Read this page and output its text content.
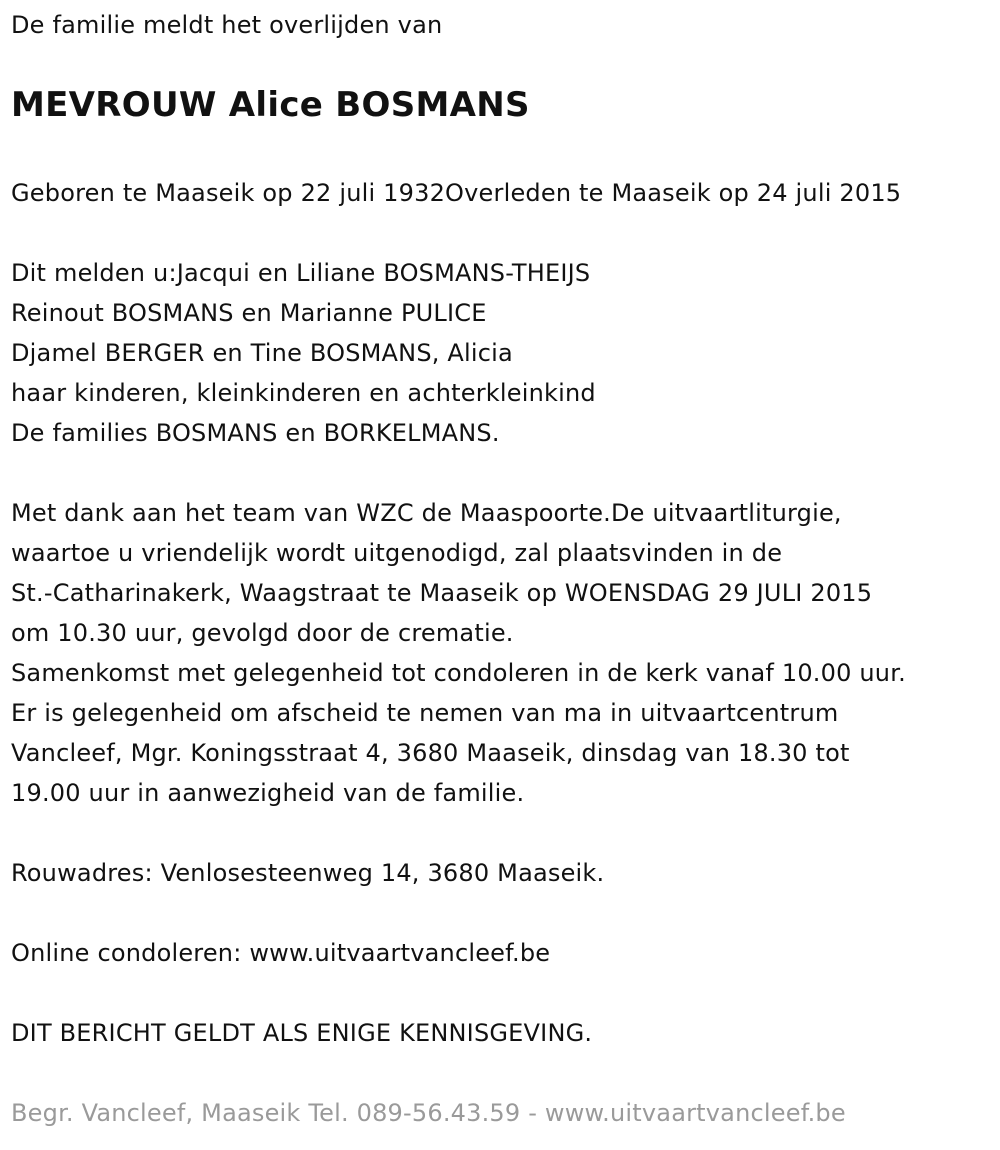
De familie meldt het overlijden van

MEVROUW Alice BOSMANS

Geboren te Maaseik op 22 juli 1932Overleden te Maaseik op 24 juli 2015

Dit melden u:Jacqui en Liliane BOSMANS-THEIJS

Reinout BOSMANS en Marianne PULICE

Djamel BERGER en Tine BOSMANS, Alicia

haar kinderen, kleinkinderen en achterkleinkind

De families BOSMANS en BORKELMANS.

Met dank aan het team van WZC de Maaspoorte.De uitvaartliturgie,

waartoe u vriendelijk wordt uitgenodigd, zal plaatsvinden in de

St.-Catharinakerk, Waagstraat te Maaseik op WOENSDAG 29 JULI 2015

om 10.30 uur, gevolgd door de crematie.

Samenkomst met gelegenheid tot condoleren in de kerk vanaf 10.00 uur.

Er is gelegenheid om afscheid te nemen van ma in uitvaartcentrum

Vancleef, Mgr. Koningsstraat 4, 3680 Maaseik, dinsdag van 18.30 tot

19.00 uur in aanwezigheid van de familie.

Rouwadres: Venlosesteenweg 14, 3680 Maaseik.

Online condoleren: www.uitvaartvancleef.be

DIT BERICHT GELDT ALS ENIGE KENNISGEVING.

Begr. Vancleef, Maaseik Tel. 089-56.43.59 - www.uitvaartvancleef.be
